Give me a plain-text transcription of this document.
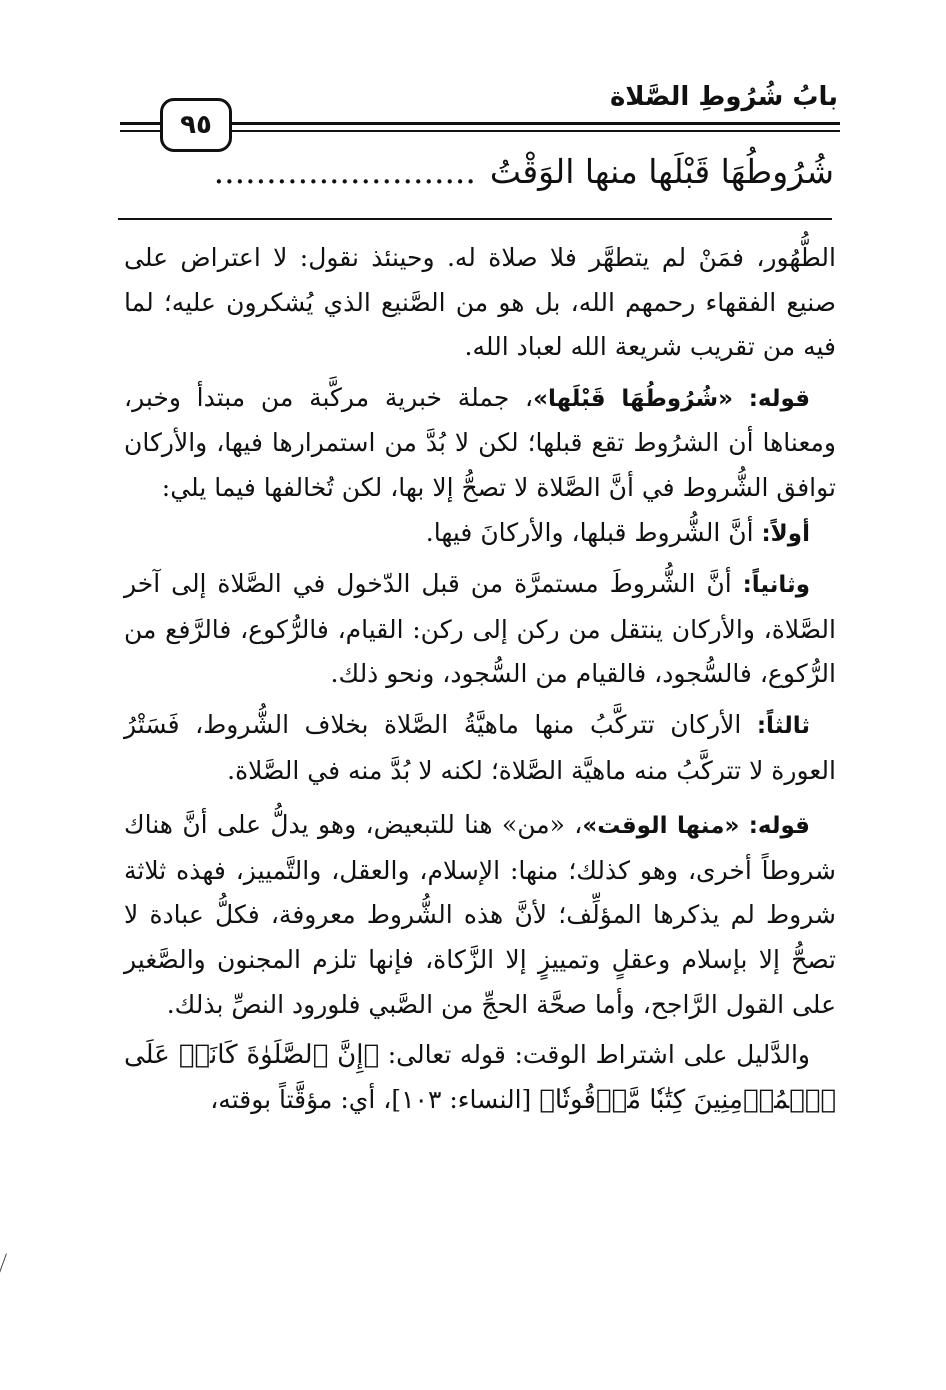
بابُ شُرُوطِ الصَّلاة
٩٥
شُرُوطُهَا قَبْلَها منها الوَقْتُ.........................

الطُّهُور، فمَنْ لم يتطهَّر فلا صلاة له. وحينئذ نقول: لا اعتراض على صنيع الفقهاء رحمهم الله، بل هو من الصَّنيع الذي يُشكرون عليه؛ لما فيه من تقريب شريعة الله لعباد الله.

قوله: «شُرُوطُهَا قَبْلَها»، جملة خبرية مركَّبة من مبتدأ وخبر، ومعناها أن الشرُوط تقع قبلها؛ لكن لا بُدَّ من استمرارها فيها، والأركان توافق الشُّروط في أنَّ الصَّلاة لا تصحُّ إلا بها، لكن تُخالفها فيما يلي:

أولاً: أنَّ الشُّروط قبلها، والأركانَ فيها.

وثانياً: أنَّ الشُّروطَ مستمرَّة من قبل الدّخول في الصَّلاة إلى آخر الصَّلاة، والأركان ينتقل من ركن إلى ركن: القيام، فالرُّكوع، فالرَّفع من الرُّكوع، فالسُّجود، فالقيام من السُّجود، ونحو ذلك.

ثالثاً: الأركان تتركَّبُ منها ماهيَّةُ الصَّلاة بخلاف الشُّروط، فَسَتْرُ العورة لا تتركَّبُ منه ماهيَّة الصَّلاة؛ لكنه لا بُدَّ منه في الصَّلاة.

قوله: «منها الوقت»، «من» هنا للتبعيض، وهو يدلُّ على أنَّ هناك شروطاً أخرى، وهو كذلك؛ منها: الإسلام، والعقل، والتَّمييز، فهذه ثلاثة شروط لم يذكرها المؤلِّف؛ لأنَّ هذه الشُّروط معروفة، فكلُّ عبادة لا تصحُّ إلا بإسلام وعقلٍ وتمييزٍ إلا الزَّكاة، فإنها تلزم المجنون والصَّغير على القول الرَّاجح، وأما صحَّة الحجِّ من الصَّبي فلورود النصِّ بذلك.

والدَّليل على اشتراط الوقت: قوله تعالى: ﴿إِنَّ ٱلصَّلَوٰةَ كَانَتۡ عَلَى ٱلۡمُؤۡمِنِينَ كِتَٰبٗا مَّوۡقُوتٗا﴾ [النساء: ١٠٣]، أي: مؤقَّتاً بوقته،
